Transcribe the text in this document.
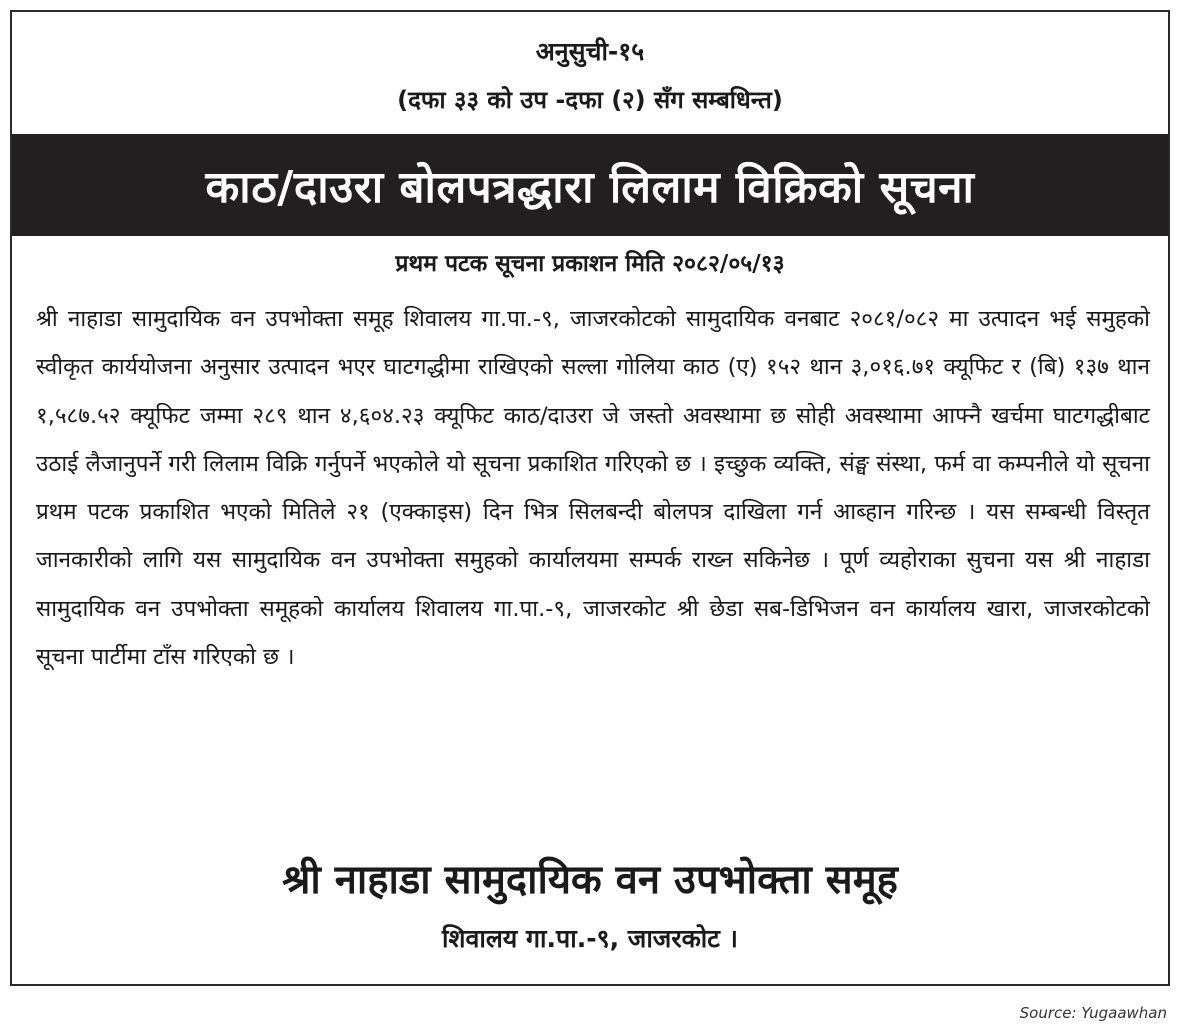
अनुसुची-१५
(दफा ३३ को उप -दफा (२) सँग सम्बधिन्त)
काठ/दाउरा बोलपत्रद्धारा लिलाम विक्रिको सूचना
प्रथम पटक सूचना प्रकाशन मिति २०८२/०५/१३

श्री नाहाडा सामुदायिक वन उपभोक्ता समूह शिवालय गा.पा.-९, जाजरकोटको सामुदायिक वनबाट २०८१/०८२ मा उत्पादन भई समुहको स्वीकृत कार्ययोजना अनुसार उत्पादन भएर घाटगद्धीमा राखिएको सल्ला गोलिया काठ (ए) १५२ थान ३,०१६.७१ क्यूफिट र (बि) १३७ थान १,५८७.५२ क्यूफिट जम्मा २८९ थान ४,६०४.२३ क्यूफिट काठ/दाउरा जे जस्तो अवस्थामा छ सोही अवस्थामा आफ्नै खर्चमा घाटगद्धीबाट उठाई लैजानुपर्ने गरी लिलाम विक्रि गर्नुपर्ने भएकोले यो सूचना प्रकाशित गरिएको छ । इच्छुक व्यक्ति, संङ्घ संस्था, फर्म वा कम्पनीले यो सूचना प्रथम पटक प्रकाशित भएको मितिले २१ (एक्काइस) दिन भित्र सिलबन्दी बोलपत्र दाखिला गर्न आब्हान गरिन्छ । यस सम्बन्धी विस्तृत जानकारीको लागि यस सामुदायिक वन उपभोक्ता समुहको कार्यालयमा सम्पर्क राख्न सकिनेछ । पूर्ण व्यहोराका सुचना यस श्री नाहाडा सामुदायिक वन उपभोक्ता समूहको कार्यालय शिवालय गा.पा.-९, जाजरकोट श्री छेडा सब-डिभिजन वन कार्यालय खारा, जाजरकोटको सूचना पार्टीमा टाँस गरिएको छ ।

श्री नाहाडा सामुदायिक वन उपभोक्ता समूह
शिवालय गा.पा.-९, जाजरकोट ।
Source: Yugaawhan
